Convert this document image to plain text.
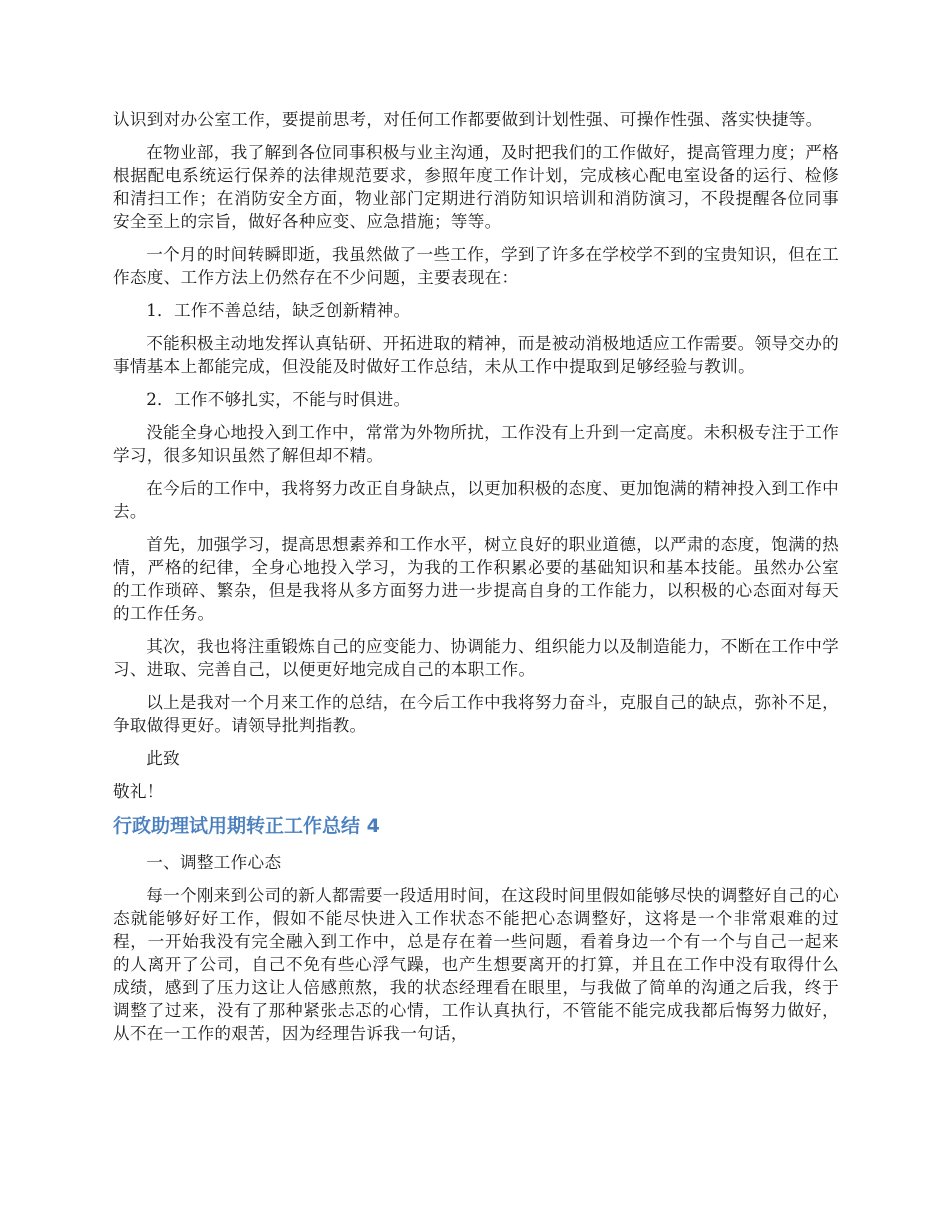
认识到对办公室工作，要提前思考，对任何工作都要做到计划性强、可操作性强、落实快捷等。

在物业部，我了解到各位同事积极与业主沟通，及时把我们的工作做好，提高管理力度；严格根据配电系统运行保养的法律规范要求，参照年度工作计划，完成核心配电室设备的运行、检修和清扫工作；在消防安全方面，物业部门定期进行消防知识培训和消防演习，不段提醒各位同事安全至上的宗旨，做好各种应变、应急措施；等等。

一个月的时间转瞬即逝，我虽然做了一些工作，学到了许多在学校学不到的宝贵知识，但在工作态度、工作方法上仍然存在不少问题，主要表现在：

1．工作不善总结，缺乏创新精神。

不能积极主动地发挥认真钻研、开拓进取的精神，而是被动消极地适应工作需要。领导交办的事情基本上都能完成，但没能及时做好工作总结，未从工作中提取到足够经验与教训。

2．工作不够扎实，不能与时俱进。

没能全身心地投入到工作中，常常为外物所扰，工作没有上升到一定高度。未积极专注于工作学习，很多知识虽然了解但却不精。

在今后的工作中，我将努力改正自身缺点，以更加积极的态度、更加饱满的精神投入到工作中去。

首先，加强学习，提高思想素养和工作水平，树立良好的职业道德，以严肃的态度，饱满的热情，严格的纪律，全身心地投入学习，为我的工作积累必要的基础知识和基本技能。虽然办公室的工作琐碎、繁杂，但是我将从多方面努力进一步提高自身的工作能力，以积极的心态面对每天的工作任务。

其次，我也将注重锻炼自己的应变能力、协调能力、组织能力以及制造能力，不断在工作中学习、进取、完善自己，以便更好地完成自己的本职工作。

以上是我对一个月来工作的总结，在今后工作中我将努力奋斗，克服自己的缺点，弥补不足，争取做得更好。请领导批判指教。

此致

敬礼！

行政助理试用期转正工作总结 4

一、调整工作心态

每一个刚来到公司的新人都需要一段适用时间，在这段时间里假如能够尽快的调整好自己的心态就能够好好工作，假如不能尽快进入工作状态不能把心态调整好，这将是一个非常艰难的过程，一开始我没有完全融入到工作中，总是存在着一些问题，看着身边一个有一个与自己一起来的人离开了公司，自己不免有些心浮气躁，也产生想要离开的打算，并且在工作中没有取得什么成绩，感到了压力这让人倍感煎熬，我的状态经理看在眼里，与我做了简单的沟通之后我，终于调整了过来，没有了那种紧张忐忑的心情，工作认真执行，不管能不能完成我都后悔努力做好，从不在一工作的艰苦，因为经理告诉我一句话，
